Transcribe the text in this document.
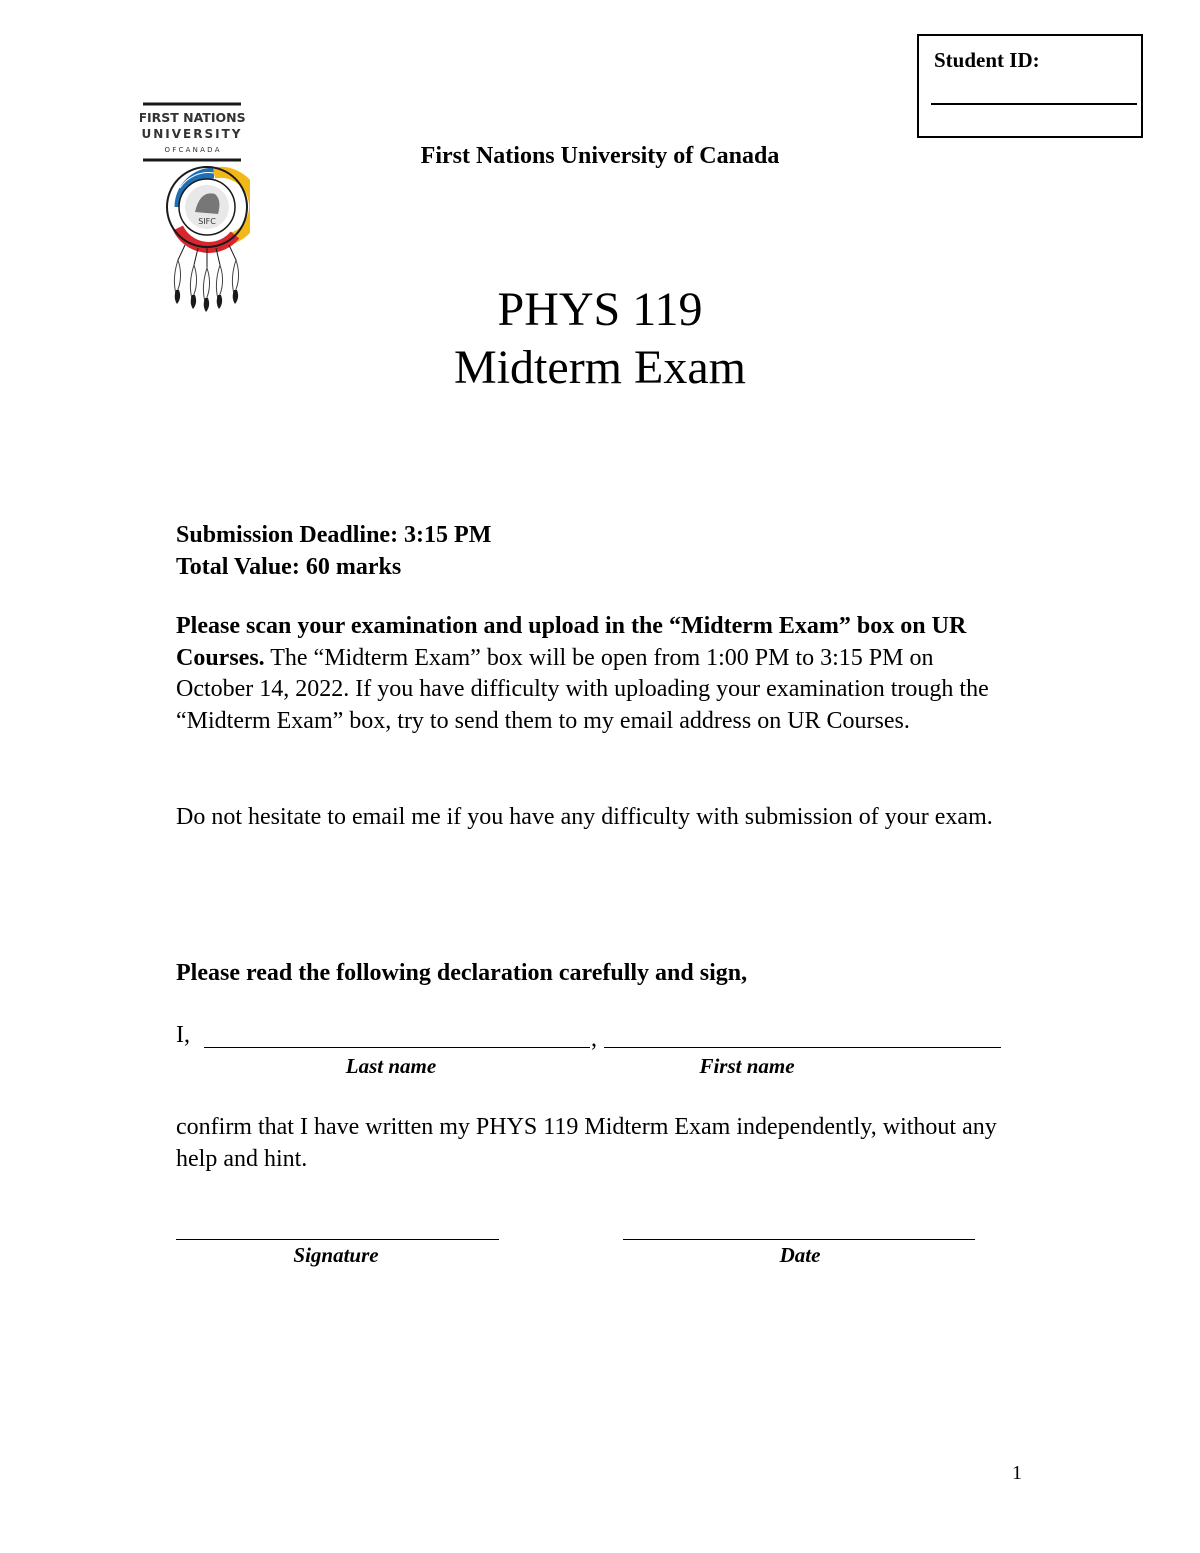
Student ID:
FIRST NATIONS
UNIVERSITY
O F C A N A D A
SIFC
First Nations University of Canada
PHYS 119
Midterm Exam
Submission Deadline: 3:15 PM
Total Value: 60 marks
Please scan your examination and upload in the “Midterm Exam” box on UR Courses. The “Midterm Exam” box will be open from 1:00 PM to 3:15 PM on October 14, 2022. If you have difficulty with uploading your examination trough the “Midterm Exam” box, try to send them to my email address on UR Courses.
Do not hesitate to email me if you have any difficulty with submission of your exam.
Please read the following declaration carefully and sign,
I,	,
Last name	First name
confirm that I have written my PHYS 119 Midterm Exam independently, without any help and hint.
Signature	Date
1
